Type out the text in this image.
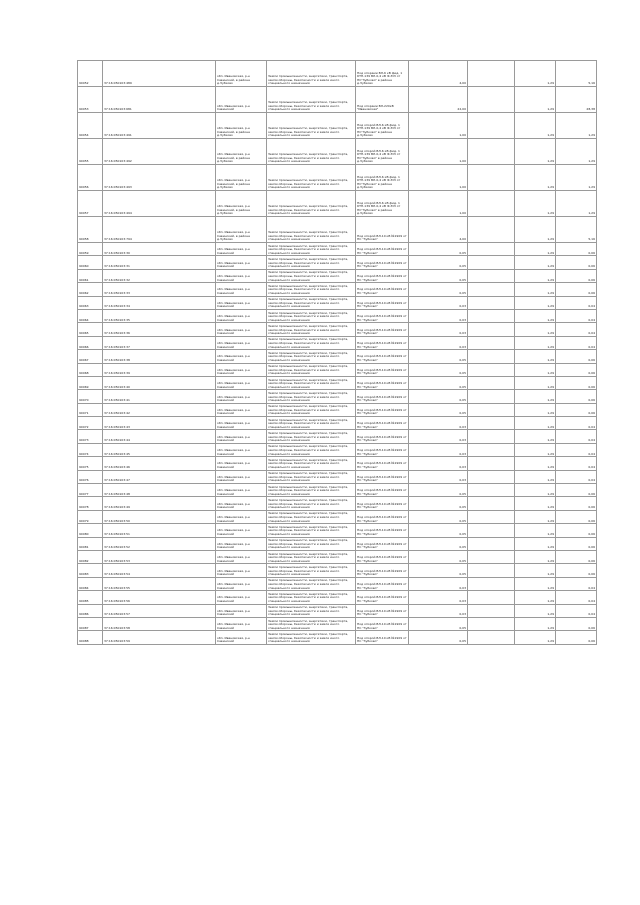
90052	37:16:050103:489	обл. Ивановская, р-н Савинский, в районе д.Зубково	Земли промышленности, энергетики, транспорта, земли обороны, безопасности и земли иного специального назначения	Под опорами ВЛ-6 кВ фид. 1 КТП-139 ВЛ-0,4 кВ Ф-ЮЗ от ПС"Зубково" в районе д.Зубково	4,00		1,29	5,16
90053	37:16:050103:681	обл. Ивановская, р-н Савинский	Земли промышленности, энергетики, транспорта, земли обороны, безопасности и земли иного специального назначения	Под опорами ВЛ-220кВ "Ивановская"	22,00		1,29	28,38
90054	37:16:050103:491	обл. Ивановская, р-н Савинский, в районе д.Зубково	Земли промышленности, энергетики, транспорта, земли обороны, безопасности и земли иного специального назначения	Под опорой ВЛ-6 кВ фид. 1 КТП-139 ВЛ-0,4 кВ Ф-ЮЗ от ПС"Зубково" в районе д.Зубково	1,00		1,29	1,29
90055	37:16:050103:492	обл. Ивановская, р-н Савинский, в районе д.Зубково	Земли промышленности, энергетики, транспорта, земли обороны, безопасности и земли иного специального назначения	Под опорой ВЛ-6 кВ фид. 1 КТП-139 ВЛ-0,4 кВ Ф-ЮЗ от ПС"Зубково" в районе д.Зубково	1,00		1,29	1,29
90056	37:16:050103:493	обл. Ивановская, р-н Савинский, в районе д.Зубково	Земли промышленности, энергетики, транспорта, земли обороны, безопасности и земли иного специального назначения	Под опорой ВЛ-6 кВ фид. 1 КТП-139 ВЛ-0,4 кВ Ф-ЮЗ от ПС"Зубково" в районе д.Зубково	1,00		1,29	1,29
90057	37:16:050103:494	обл. Ивановская, р-н Савинский, в районе д.Зубково	Земли промышленности, энергетики, транспорта, земли обороны, безопасности и земли иного специального назначения	Под опорой ВЛ-6 кВ фид. 1 КТП-139 ВЛ-0,4 кВ Ф-ЮЗ от ПС"Зубково" в районе д.Зубково	1,00		1,29	1,29
90058	37:16:050103:794	обл. Ивановская, р-н Савинский, в районе д.Зубково	Земли промышленности, энергетики, транспорта, земли обороны, безопасности и земли иного специального назначения	Под опорой ВЛ-10 кВ №1909 от ПС "Зубково"	4,00		1,29	5,16
90059	37:16:050103:30	обл. Ивановская, р-н Савинский	Земли промышленности, энергетики, транспорта, земли обороны, безопасности и земли иного специального назначения	Под опорой ВЛ-10 кВ №1909 от ПС "Зубково"	0,05		1,29	0,06
90060	37:16:050103:31	обл. Ивановская, р-н Савинский	Земли промышленности, энергетики, транспорта, земли обороны, безопасности и земли иного специального назначения	Под опорой ВЛ-10 кВ №1909 от ПС "Зубково"	0,05		1,29	0,06
90061	37:16:050103:32	обл. Ивановская, р-н Савинский	Земли промышленности, энергетики, транспорта, земли обороны, безопасности и земли иного специального назначения	Под опорой ВЛ-10 кВ №1909 от ПС "Зубково"	0,05		1,29	0,06
90062	37:16:050103:33	обл. Ивановская, р-н Савинский	Земли промышленности, энергетики, транспорта, земли обороны, безопасности и земли иного специального назначения	Под опорой ВЛ-10 кВ №1909 от ПС "Зубково"	0,05		1,29	0,06
90063	37:16:050103:34	обл. Ивановская, р-н Савинский	Земли промышленности, энергетики, транспорта, земли обороны, безопасности и земли иного специального назначения	Под опорой ВЛ-10 кВ №1909 от ПС "Зубково"	0,03		1,29	0,04
90064	37:16:050103:35	обл. Ивановская, р-н Савинский	Земли промышленности, энергетики, транспорта, земли обороны, безопасности и земли иного специального назначения	Под опорой ВЛ-10 кВ №1909 от ПС "Зубково"	0,03		1,29	0,04
90065	37:16:050103:36	обл. Ивановская, р-н Савинский	Земли промышленности, энергетики, транспорта, земли обороны, безопасности и земли иного специального назначения	Под опорой ВЛ-10 кВ №1909 от ПС "Зубково"	0,03		1,29	0,04
90066	37:16:050103:37	обл. Ивановская, р-н Савинский	Земли промышленности, энергетики, транспорта, земли обороны, безопасности и земли иного специального назначения	Под опорой ВЛ-10 кВ №1909 от ПС "Зубково"	0,03		1,29	0,04
90067	37:16:050103:38	обл. Ивановская, р-н Савинский	Земли промышленности, энергетики, транспорта, земли обороны, безопасности и земли иного специального назначения	Под опорой ВЛ-10 кВ №1909 от ПС "Зубково"	0,05		1,29	0,06
90068	37:16:050103:39	обл. Ивановская, р-н Савинский	Земли промышленности, энергетики, транспорта, земли обороны, безопасности и земли иного специального назначения	Под опорой ВЛ-10 кВ №1909 от ПС "Зубково"	0,05		1,29	0,06
90069	37:16:050103:40	обл. Ивановская, р-н Савинский	Земли промышленности, энергетики, транспорта, земли обороны, безопасности и земли иного специального назначения	Под опорой ВЛ-10 кВ №1909 от ПС "Зубково"	0,05		1,29	0,06
90070	37:16:050103:41	обл. Ивановская, р-н Савинский	Земли промышленности, энергетики, транспорта, земли обороны, безопасности и земли иного специального назначения	Под опорой ВЛ-10 кВ №1909 от ПС "Зубково"	0,05		1,29	0,06
90071	37:16:050103:42	обл. Ивановская, р-н Савинский	Земли промышленности, энергетики, транспорта, земли обороны, безопасности и земли иного специального назначения	Под опорой ВЛ-10 кВ №1909 от ПС "Зубково"	0,05		1,29	0,06
90072	37:16:050103:43	обл. Ивановская, р-н Савинский	Земли промышленности, энергетики, транспорта, земли обороны, безопасности и земли иного специального назначения	Под опорой ВЛ-10 кВ №1909 от ПС "Зубково"	0,03		1,29	0,04
90073	37:16:050103:44	обл. Ивановская, р-н Савинский	Земли промышленности, энергетики, транспорта, земли обороны, безопасности и земли иного специального назначения	Под опорой ВЛ-10 кВ №1909 от ПС "Зубково"	0,03		1,29	0,04
90074	37:16:050103:45	обл. Ивановская, р-н Савинский	Земли промышленности, энергетики, транспорта, земли обороны, безопасности и земли иного специального назначения	Под опорой ВЛ-10 кВ №1909 от ПС "Зубково"	0,03		1,29	0,04
90075	37:16:050103:46	обл. Ивановская, р-н Савинский	Земли промышленности, энергетики, транспорта, земли обороны, безопасности и земли иного специального назначения	Под опорой ВЛ-10 кВ №1909 от ПС "Зубково"	0,03		1,29	0,04
90076	37:16:050103:47	обл. Ивановская, р-н Савинский	Земли промышленности, энергетики, транспорта, земли обороны, безопасности и земли иного специального назначения	Под опорой ВЛ-10 кВ №1909 от ПС "Зубково"	0,03		1,29	0,04
90077	37:16:050103:48	обл. Ивановская, р-н Савинский	Земли промышленности, энергетики, транспорта, земли обороны, безопасности и земли иного специального назначения	Под опорой ВЛ-10 кВ №1909 от ПС "Зубково"	0,05		1,29	0,06
90078	37:16:050103:49	обл. Ивановская, р-н Савинский	Земли промышленности, энергетики, транспорта, земли обороны, безопасности и земли иного специального назначения	Под опорой ВЛ-10 кВ №1909 от ПС "Зубково"	0,05		1,29	0,06
90079	37:16:050103:50	обл. Ивановская, р-н Савинский	Земли промышленности, энергетики, транспорта, земли обороны, безопасности и земли иного специального назначения	Под опорой ВЛ-10 кВ №1909 от ПС "Зубково"	0,05		1,29	0,06
90080	37:16:050103:51	обл. Ивановская, р-н Савинский	Земли промышленности, энергетики, транспорта, земли обороны, безопасности и земли иного специального назначения	Под опорой ВЛ-10 кВ №1909 от ПС "Зубково"	0,05		1,29	0,06
90081	37:16:050103:52	обл. Ивановская, р-н Савинский	Земли промышленности, энергетики, транспорта, земли обороны, безопасности и земли иного специального назначения	Под опорой ВЛ-10 кВ №1909 от ПС "Зубково"	0,05		1,29	0,06
90082	37:16:050103:53	обл. Ивановская, р-н Савинский	Земли промышленности, энергетики, транспорта, земли обороны, безопасности и земли иного специального назначения	Под опорой ВЛ-10 кВ №1909 от ПС "Зубково"	0,05		1,29	0,06
90083	37:16:050103:54	обл. Ивановская, р-н Савинский	Земли промышленности, энергетики, транспорта, земли обороны, безопасности и земли иного специального назначения	Под опорой ВЛ-10 кВ №1909 от ПС "Зубково"	0,05		1,29	0,06
90084	37:16:050103:55	обл. Ивановская, р-н Савинский	Земли промышленности, энергетики, транспорта, земли обороны, безопасности и земли иного специального назначения	Под опорой ВЛ-10 кВ №1909 от ПС "Зубково"	0,03		1,29	0,04
90085	37:16:050103:56	обл. Ивановская, р-н Савинский	Земли промышленности, энергетики, транспорта, земли обороны, безопасности и земли иного специального назначения	Под опорой ВЛ-10 кВ №1909 от ПС "Зубково"	0,03		1,29	0,04
90086	37:16:050103:57	обл. Ивановская, р-н Савинский	Земли промышленности, энергетики, транспорта, земли обороны, безопасности и земли иного специального назначения	Под опорой ВЛ-10 кВ №1909 от ПС "Зубково"	0,03		1,29	0,04
90087	37:16:050103:58	обл. Ивановская, р-н Савинский	Земли промышленности, энергетики, транспорта, земли обороны, безопасности и земли иного специального назначения	Под опорой ВЛ-10 кВ №1909 от ПС "Зубково"	0,05		1,29	0,06
90088	37:16:050103:59	обл. Ивановская, р-н Савинский	Земли промышленности, энергетики, транспорта, земли обороны, безопасности и земли иного специального назначения	Под опорой ВЛ-10 кВ №1909 от ПС "Зубково"	0,05		1,29	0,06
